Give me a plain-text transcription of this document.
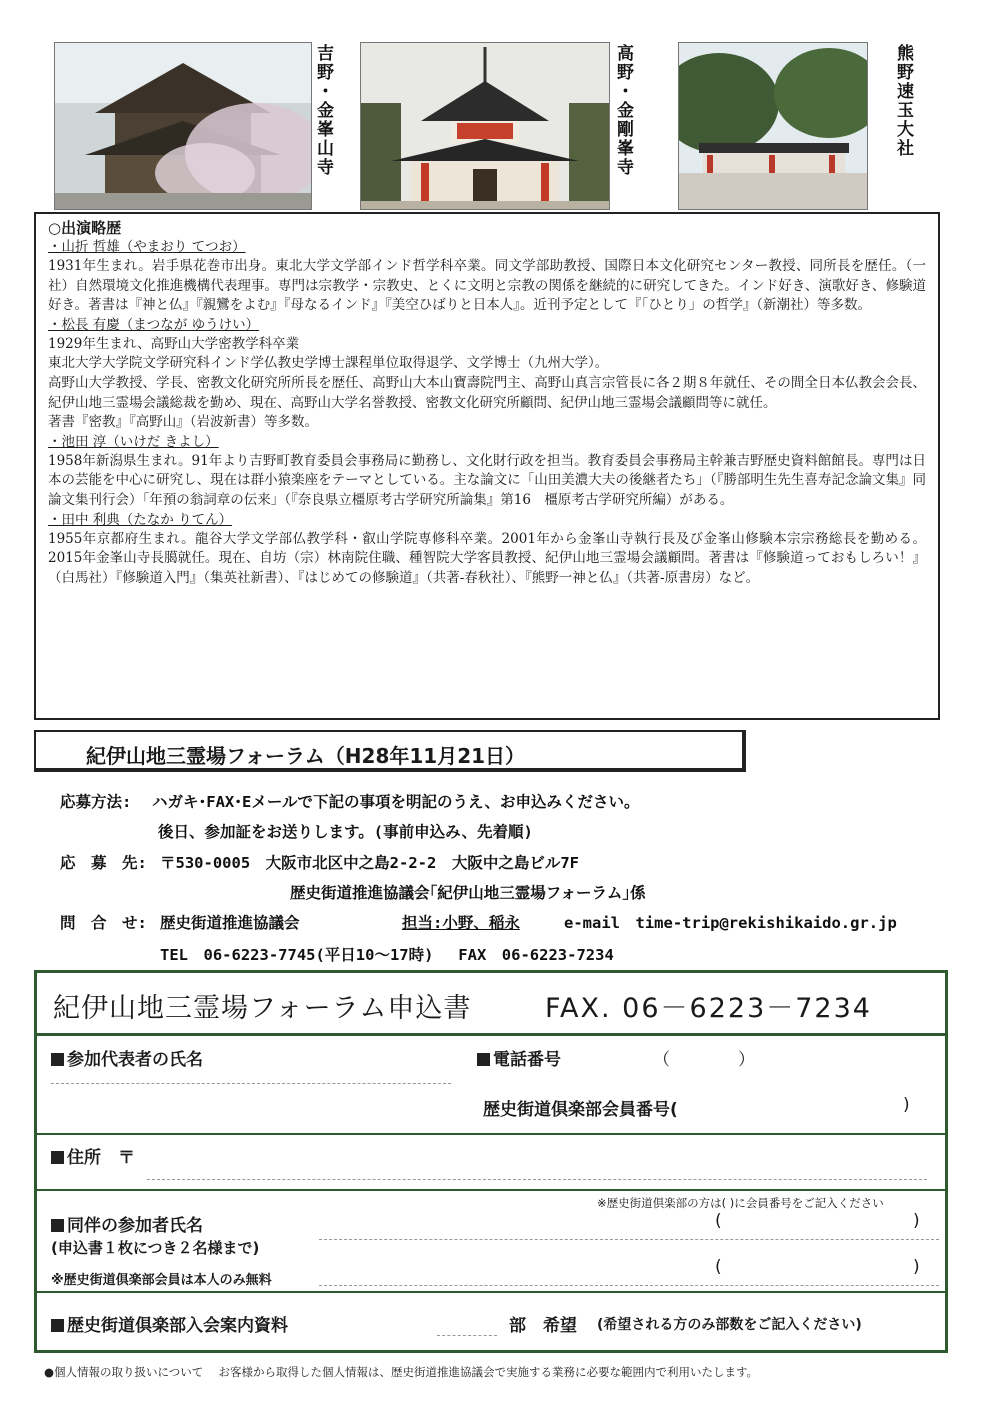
吉野・金峯山寺	高野・金剛峯寺	熊野速玉大社
○出演略歴
・山折 哲雄（やまおり てつお）
1931年生まれ。岩手県花巻市出身。東北大学文学部インド哲学科卒業。同文学部助教授、国際日本文化研究センター教授、同所長を歴任。（一社）自然環境文化推進機構代表理事。専門は宗教学・宗教史、とくに文明と宗教の関係を継続的に研究してきた。インド好き、演歌好き、修験道好き。著書は『神と仏』『親鸞をよむ』『母なるインド』『美空ひばりと日本人』。近刊予定として『「ひとり」の哲学』（新潮社）等多数。
・松長 有慶（まつなが ゆうけい）
1929年生まれ、高野山大学密教学科卒業
東北大学大学院文学研究科インド学仏教史学博士課程単位取得退学、文学博士（九州大学）。
高野山大学教授、学長、密教文化研究所所長を歴任、高野山大本山寶壽院門主、高野山真言宗管長に各２期８年就任、その間全日本仏教会会長、紀伊山地三霊場会議総裁を勤め、現在、高野山大学名誉教授、密教文化研究所顧問、紀伊山地三霊場会議顧問等に就任。
著書『密教』『高野山』（岩波新書）等多数。
・池田 淳（いけだ きよし）
1958年新潟県生まれ。91年より吉野町教育委員会事務局に勤務し、文化財行政を担当。教育委員会事務局主幹兼吉野歴史資料館館長。専門は日本の芸能を中心に研究し、現在は群小猿楽座をテーマとしている。主な論文に「山田美濃大夫の後継者たち」（『勝部明生先生喜寿記念論文集』同論文集刊行会）「年預の翁詞章の伝来」（『奈良県立橿原考古学研究所論集』第16　橿原考古学研究所編）がある。
・田中 利典（たなか りてん）
1955年京都府生まれ。龍谷大学文学部仏教学科・叡山学院専修科卒業。2001年から金峯山寺執行長及び金峯山修験本宗宗務総長を勤める。2015年金峯山寺長臈就任。現在、自坊（宗）林南院住職、種智院大学客員教授、紀伊山地三霊場会議顧問。著書は『修験道っておもしろい！』（白馬社）『修験道入門』（集英社新書）、『はじめての修験道』（共著-春秋社）、『熊野一神と仏』（共著-原書房）など。
紀伊山地三霊場フォーラム（H28年11月21日）
応募方法: ハガキ･FAX･Eメールで下記の事項を明記のうえ、お申込みください。
後日、参加証をお送りします。(事前申込み、先着順)
応　募　先: 〒530-0005　大阪市北区中之島2-2-2　大阪中之島ビル7F
歴史街道推進協議会｢紀伊山地三霊場フォーラム｣係
問　合　せ: 歴史街道推進協議会	担当:小野、稲永	e-mail　time-trip@rekishikaido.gr.jp
TEL　06-6223-7745(平日10～17時)　 FAX　06-6223-7234
紀伊山地三霊場フォーラム申込書	FAX. 06－6223－7234
参加代表者の氏名	電話番号	（　　　　）
歴史街道倶楽部会員番号(	)
住所　〒
※歴史街道倶楽部の方は( )に会員番号をご記入ください
同伴の参加者氏名
(申込書１枚につき２名様まで)
※歴史街道倶楽部会員は本人のみ無料
(	)
(	)
歴史街道倶楽部入会案内資料	部　希望 (希望される方のみ部数をご記入ください)
●個人情報の取り扱いについて　 お客様から取得した個人情報は、歴史街道推進協議会で実施する業務に必要な範囲内で利用いたします。
